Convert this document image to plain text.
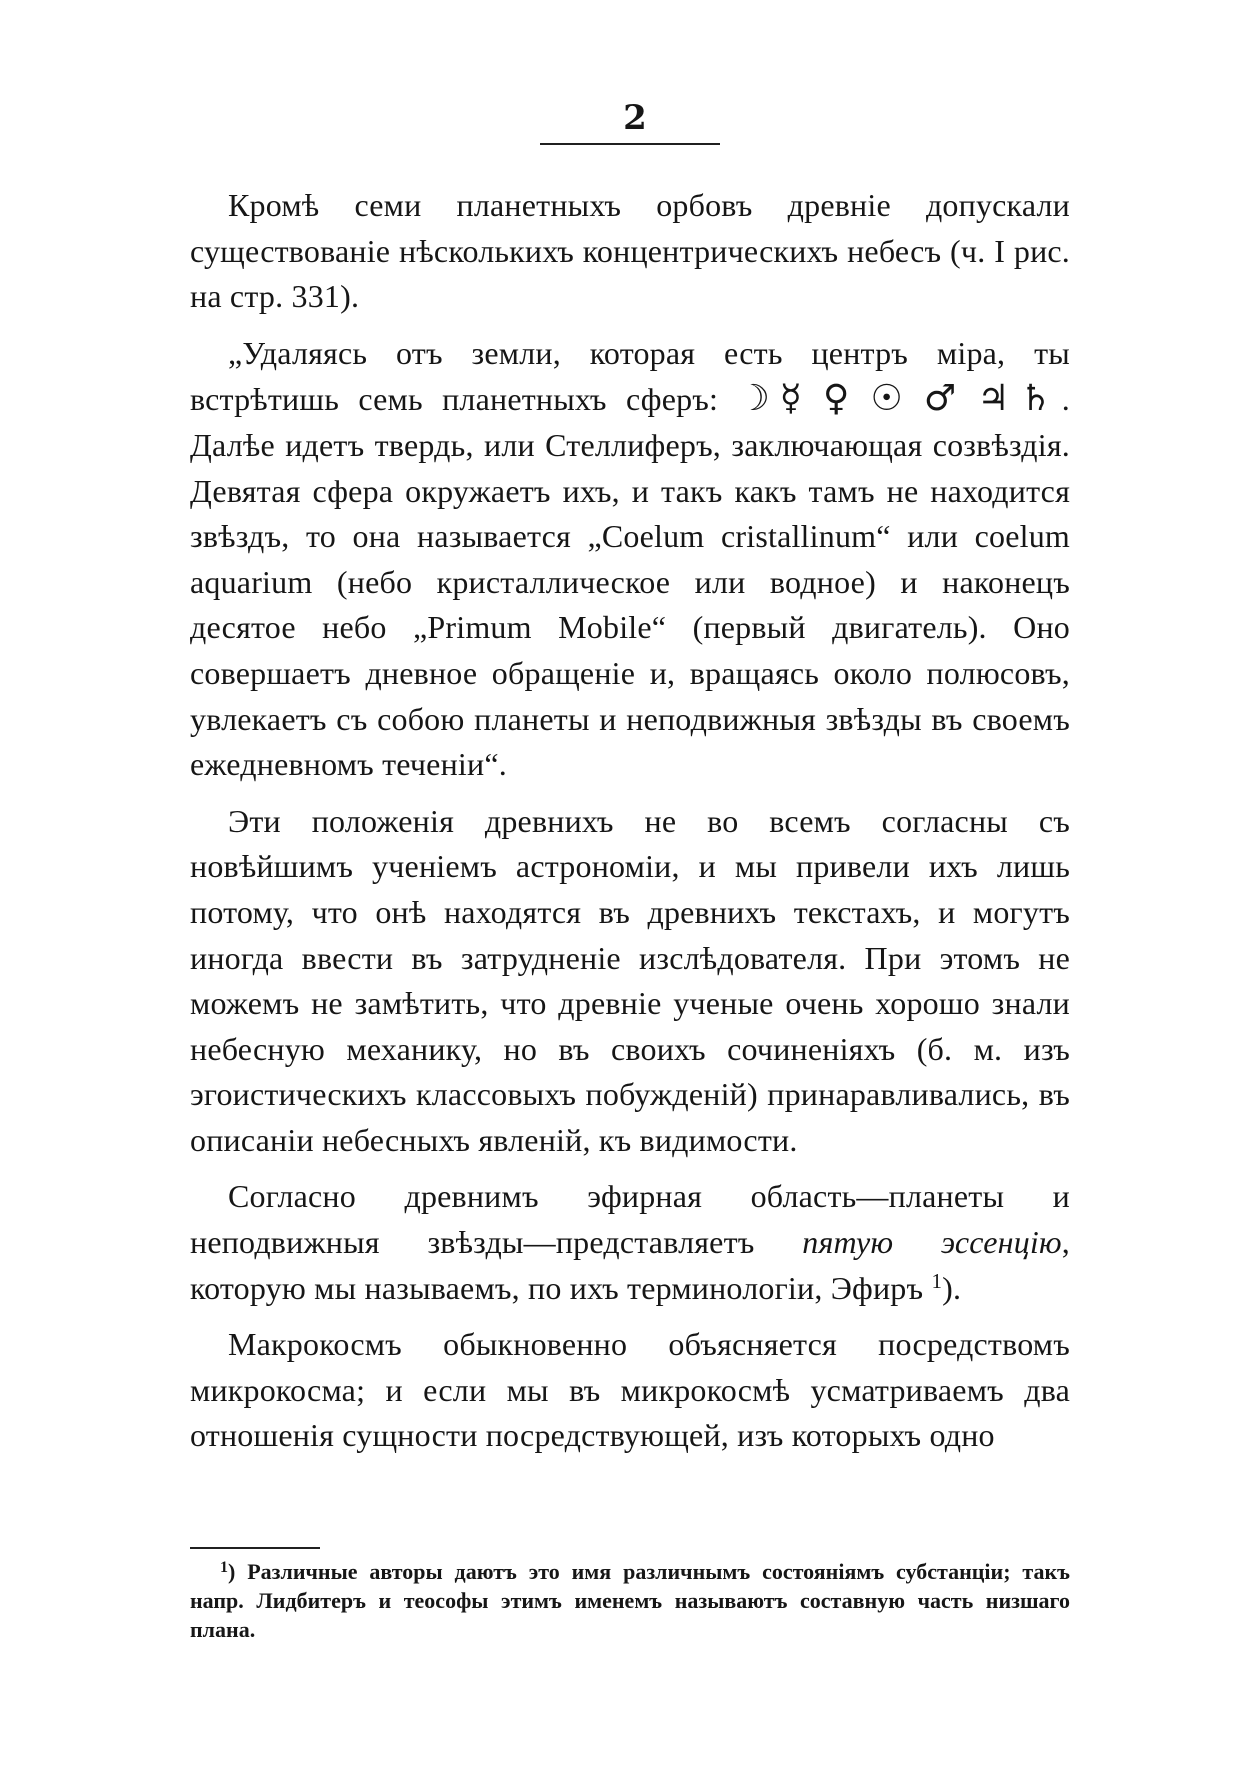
2

Кромѣ семи планетныхъ орбовъ древніе допускали существованіе нѣсколькихъ концентрическихъ небесъ (ч. I рис. на стр. 331).

„Удаляясь отъ земли, которая есть центръ міра, ты встрѣтишь семь планетныхъ сферъ: ☽☿♀☉♂♃♄. Далѣе идетъ твердь, или Стеллиферъ, заключающая созвѣздія. Девятая сфера окружаетъ ихъ, и такъ какъ тамъ не находится звѣздъ, то она называется „Coelum cristallinum“ или coelum aquarium (небо кристаллическое или водное) и наконецъ десятое небо „Primum Mobile“ (первый двигатель). Оно совершаетъ дневное обращеніе и, вращаясь около полюсовъ, увлекаетъ съ собою планеты и неподвижныя звѣзды въ своемъ ежедневномъ теченіи“.

Эти положенія древнихъ не во всемъ согласны съ новѣйшимъ ученіемъ астрономіи, и мы привели ихъ лишь потому, что онѣ находятся въ древнихъ текстахъ, и могутъ иногда ввести въ затрудненіе изслѣдователя. При этомъ не можемъ не замѣтить, что древніе ученые очень хорошо знали небесную механику, но въ своихъ сочиненіяхъ (б. м. изъ эгоистическихъ классовыхъ побужденій) принаравливались, въ описаніи небесныхъ явленій, къ видимости.

Согласно древнимъ эфирная область—планеты и неподвижныя звѣзды—представляетъ пятую эссенцію, которую мы называемъ, по ихъ терминологіи, Эфиръ $^1$).

Макрокосмъ обыкновенно объясняется посредствомъ микрокосма; и если мы въ микрокосмѣ усматриваемъ два отношенія сущности посредствующей, изъ которыхъ одно

$^1$) Различные авторы даютъ это имя различнымъ состояніямъ субстанціи; такъ напр. Лидбитеръ и теософы этимъ именемъ называютъ составную часть низшаго плана.
